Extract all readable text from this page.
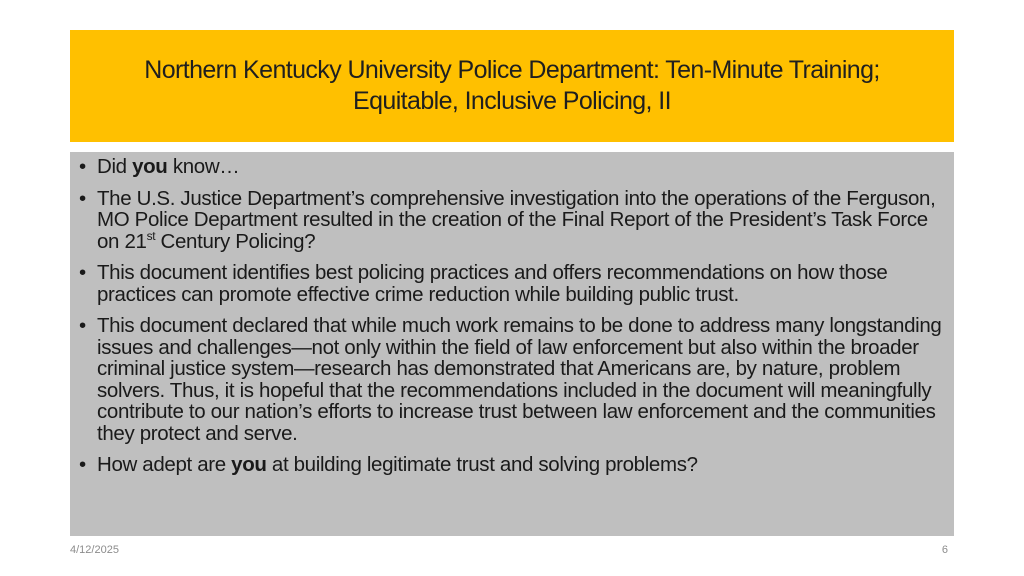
Northern Kentucky University Police Department: Ten-Minute Training;
Equitable, Inclusive Policing, II
• Did you know…
• The U.S. Justice Department’s comprehensive investigation into the operations of the Ferguson, MO Police Department resulted in the creation of the Final Report of the President’s Task Force on 21st Century Policing?
• This document identifies best policing practices and offers recommendations on how those practices can promote effective crime reduction while building public trust.
• This document declared that while much work remains to be done to address many longstanding issues and challenges—not only within the field of law enforcement but also within the broader criminal justice system—research has demonstrated that Americans are, by nature, problem solvers. Thus, it is hopeful that the recommendations included in the document will meaningfully contribute to our nation’s efforts to increase trust between law enforcement and the communities they protect and serve.
• How adept are you at building legitimate trust and solving problems?
4/12/2025	6
